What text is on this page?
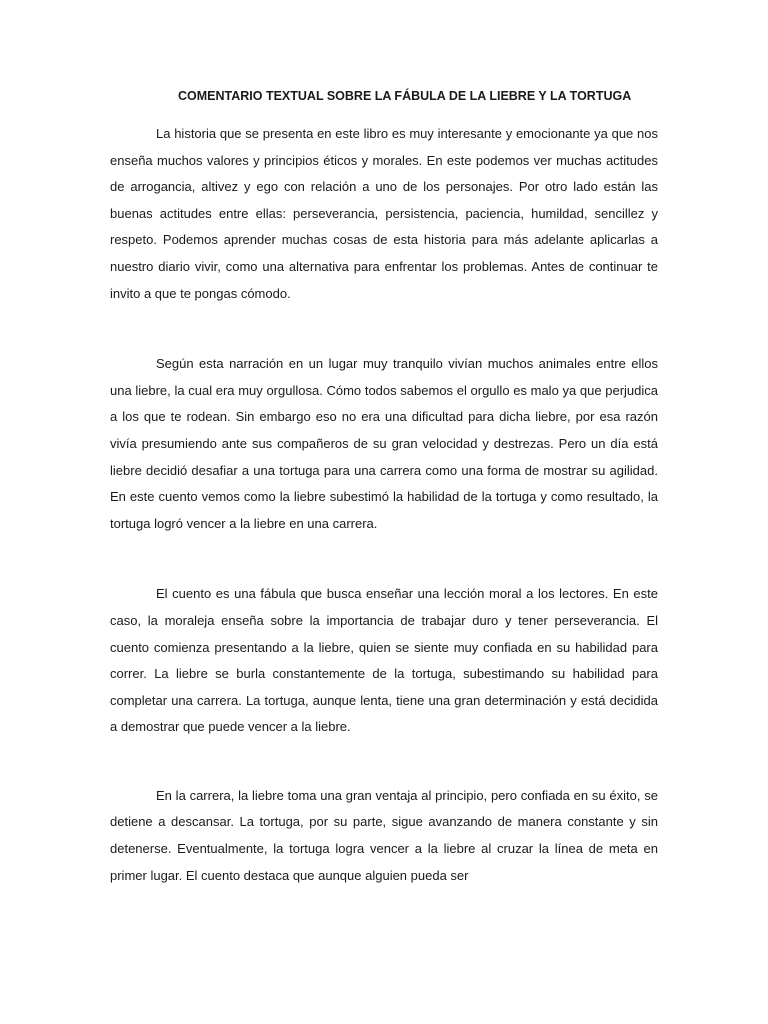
COMENTARIO TEXTUAL SOBRE LA FÁBULA DE LA LIEBRE Y LA TORTUGA

La historia que se presenta en este libro es muy interesante y emocionante ya que nos enseña muchos valores y principios éticos y morales. En este podemos ver muchas actitudes de arrogancia, altivez y ego con relación a uno de los personajes. Por otro lado están las buenas actitudes entre ellas: perseverancia, persistencia, paciencia, humildad, sencillez y respeto. Podemos aprender muchas cosas de esta historia para más adelante aplicarlas a nuestro diario vivir, como una alternativa para enfrentar los problemas. Antes de continuar te invito a que te pongas cómodo.

Según esta narración en un lugar muy tranquilo vivían muchos animales entre ellos una liebre, la cual era muy orgullosa. Cómo todos sabemos el orgullo es malo ya que perjudica a los que te rodean. Sin embargo eso no era una dificultad para dicha liebre, por esa razón vivía presumiendo ante sus compañeros de su gran velocidad y destrezas. Pero un día está liebre decidió desafiar a una tortuga para una carrera como una forma de mostrar su agilidad. En este cuento vemos como la liebre subestimó la habilidad de la tortuga y como resultado, la tortuga logró vencer a la liebre en una carrera.

El cuento es una fábula que busca enseñar una lección moral a los lectores. En este caso, la moraleja enseña sobre la importancia de trabajar duro y tener perseverancia. El cuento comienza presentando a la liebre, quien se siente muy confiada en su habilidad para correr. La liebre se burla constantemente de la tortuga, subestimando su habilidad para completar una carrera. La tortuga, aunque lenta, tiene una gran determinación y está decidida a demostrar que puede vencer a la liebre.

En la carrera, la liebre toma una gran ventaja al principio, pero confiada en su éxito, se detiene a descansar. La tortuga, por su parte, sigue avanzando de manera constante y sin detenerse. Eventualmente, la tortuga logra vencer a la liebre al cruzar la línea de meta en primer lugar. El cuento destaca que aunque alguien pueda ser
